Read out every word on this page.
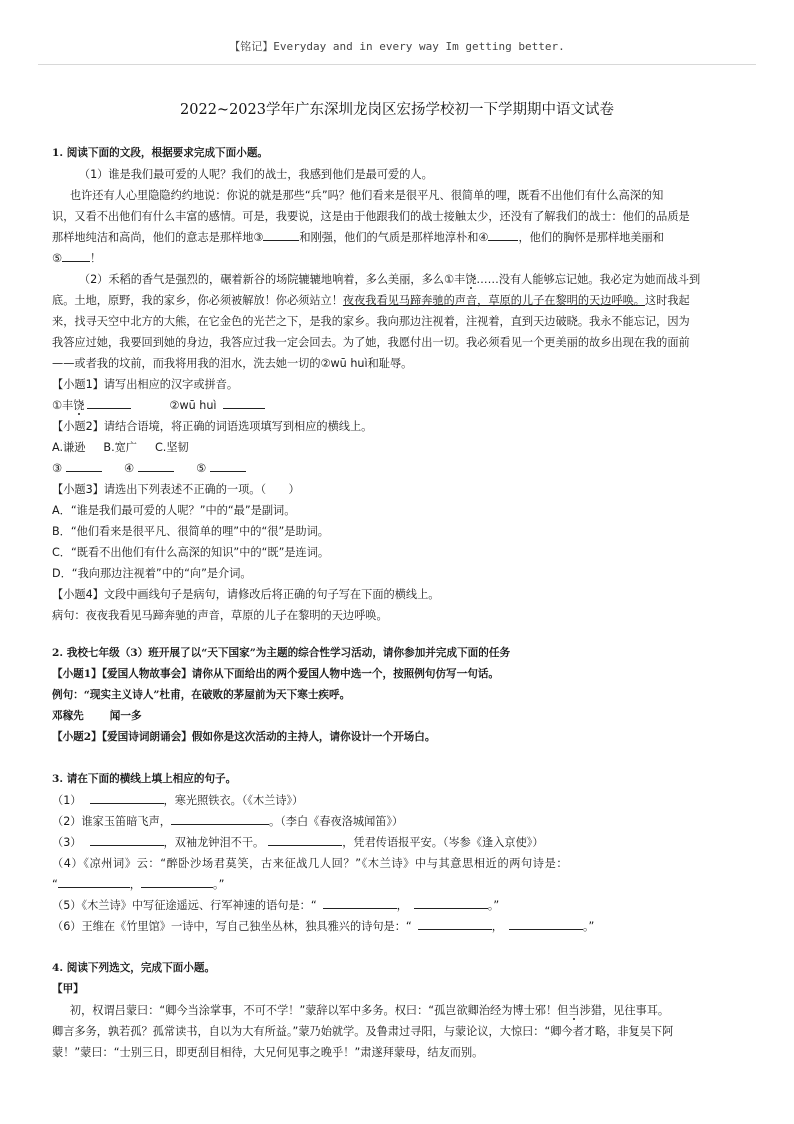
【铭记】Everyday and in every way Im getting better.
2022~2023学年广东深圳龙岗区宏扬学校初一下学期期中语文试卷

1. 阅读下面的文段，根据要求完成下面小题。

（1）谁是我们最可爱的人呢？我们的战士，我感到他们是最可爱的人。

也许还有人心里隐隐约约地说：你说的就是那些“兵”吗？他们看来是很平凡、很简单的哩，既看不出他们有什么高深的知

识，又看不出他们有什么丰富的感情。可是，我要说，这是由于他跟我们的战士接触太少，还没有了解我们的战士：他们的品质是

那样地纯洁和高尚，他们的意志是那样地③	和刚强，他们的气质是那样地淳朴和④	，他们的胸怀是那样地美丽和

⑤	！

（2）禾稻的香气是强烈的，碾着新谷的场院辘辘地响着，多么美丽，多么①丰饶……没有人能够忘记她。我必定为她而战斗到

底。土地，原野，我的家乡，你必须被解放！你必须站立！夜夜我看见马蹄奔驰的声音，草原的儿子在黎明的天边呼唤。这时我起

来，找寻天空中北方的大熊，在它金色的光芒之下，是我的家乡。我向那边注视着，注视着，直到天边破晓。我永不能忘记，因为

我答应过她，我要回到她的身边，我答应过我一定会回去。为了她，我愿付出一切。我必须看见一个更美丽的故乡出现在我的面前

——或者我的坟前，而我将用我的泪水，洗去她一切的②wū huì和耻辱。

【小题1】请写出相应的汉字或拼音。

①丰饶	②wū huì

【小题2】请结合语境，将正确的词语选项填写到相应的横线上。

A.谦逊 B.宽广 C.坚韧

③	④	⑤

【小题3】请选出下列表述不正确的一项。（　　）

A．“谁是我们最可爱的人呢？”中的“最”是副词。

B．“他们看来是很平凡、很简单的哩”中的“很”是助词。

C．“既看不出他们有什么高深的知识”中的“既”是连词。

D．“我向那边注视着”中的“向”是介词。

【小题4】文段中画线句子是病句，请修改后将正确的句子写在下面的横线上。

病句：夜夜我看见马蹄奔驰的声音，草原的儿子在黎明的天边呼唤。

2. 我校七年级（3）班开展了以“天下国家”为主题的综合性学习活动，请你参加并完成下面的任务

【小题1】【爱国人物故事会】请你从下面给出的两个爱国人物中选一个，按照例句仿写一句话。

例句：“现实主义诗人”杜甫，在破败的茅屋前为天下寒士疾呼。

邓稼先 闻一多

【小题2】【爱国诗词朗诵会】假如你是这次活动的主持人，请你设计一个开场白。

3. 请在下面的横线上填上相应的句子。

（1）	，寒光照铁衣。（《木兰诗》）

（2）谁家玉笛暗飞声，	。（李白《春夜洛城闻笛》）

（3）	，双袖龙钟泪不干。	，凭君传语报平安。（岑参《逢入京使》）

（4）《凉州词》云：“醉卧沙场君莫笑，古来征战几人回？”《木兰诗》中与其意思相近的两句诗是：

“	，	。”

（5）《木兰诗》中写征途遥远、行军神速的语句是：“	，	。”

（6）王维在《竹里馆》一诗中，写自己独坐丛林，独具雅兴的诗句是：“	，	。”

4. 阅读下列选文，完成下面小题。

【甲】

初，权谓吕蒙曰：“卿今当涂掌事，不可不学！”蒙辞以军中多务。权曰：“孤岂欲卿治经为博士邪！但当涉猎，见往事耳。

卿言多务，孰若孤？孤常读书，自以为大有所益。”蒙乃始就学。及鲁肃过寻阳，与蒙论议，大惊曰：“卿今者才略，非复吴下阿

蒙！”蒙曰：“士别三日，即更刮目相待，大兄何见事之晚乎！”肃遂拜蒙母，结友而别。
